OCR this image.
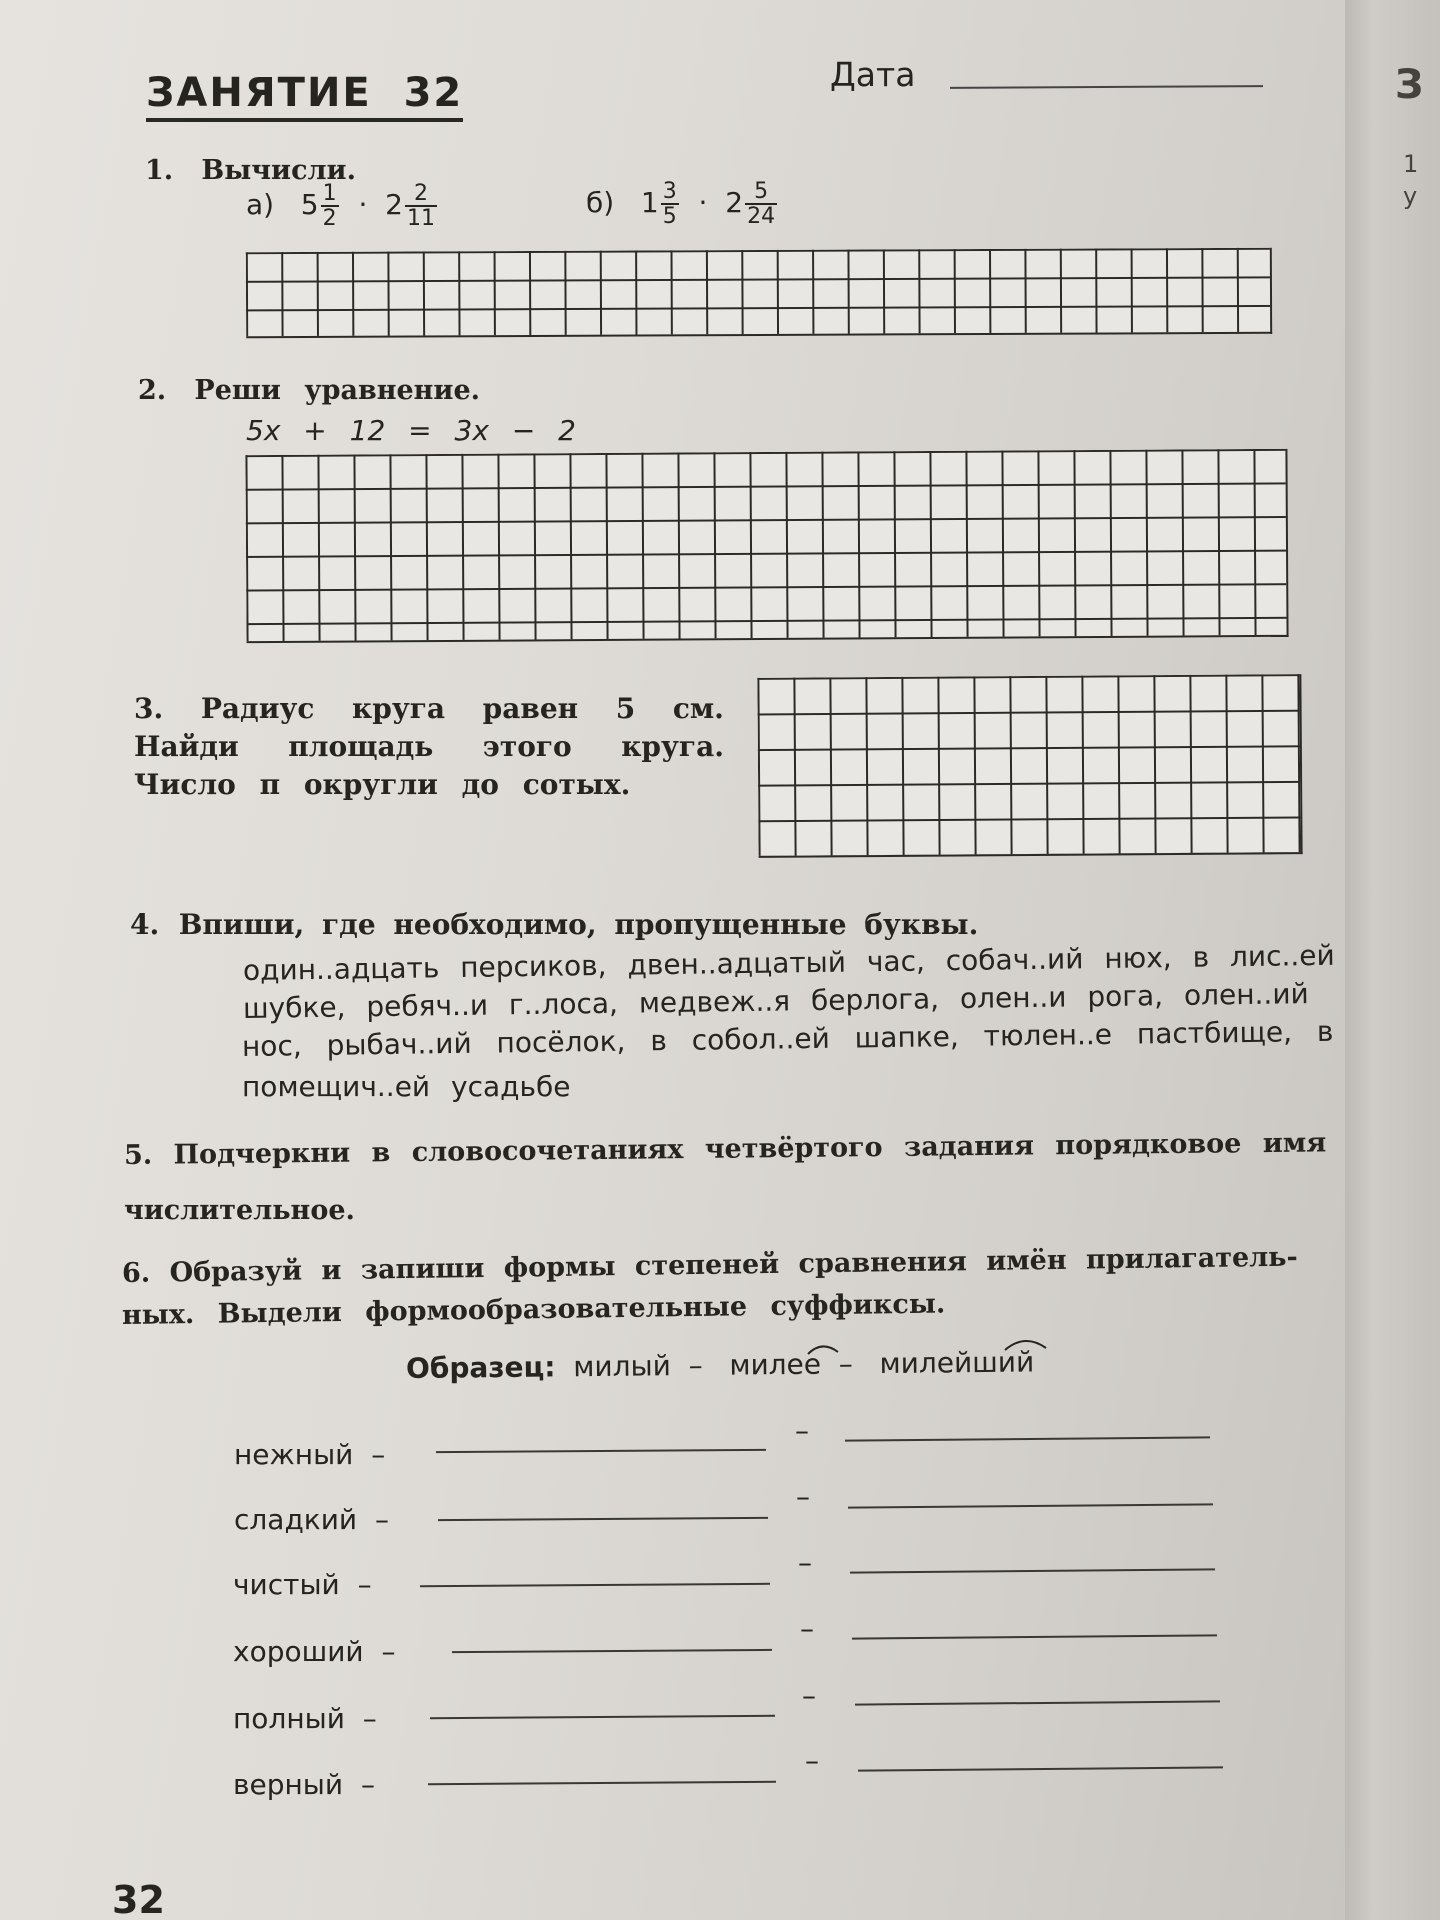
ЗАНЯТИЕ  32	Дата
1. Вычисли.
а) $5 \frac{1}{2} \cdot 2 \frac{2}{11}$	б) $1 \frac{3}{5} \cdot 2 \frac{5}{24}$
2. Реши уравнение.
5x + 12 = 3x − 2
3. Радиус круга равен 5 см.
Найди площадь этого круга.
Число π округли до сотых.
4. Впиши, где необходимо, пропущенные буквы.
один..адцать персиков, двен..адцатый час, собач..ий нюх, в лис..ей
шубке, ребяч..и г..лоса, медвеж..я берлога, олен..и рога, олен..ий
нос, рыбач..ий посёлок, в собол..ей шапке, тюлен..е пастбище, в
помещич..ей усадьбе
5. Подчеркни в словосочетаниях четвёртого задания порядковое имя
числительное.
6. Образуй и запиши формы степеней сравнения имён прилагатель-
ных. Выдели формообразовательные суффиксы.
Образец: милый – милее – милейший
нежный –
–
сладкий –
–
чистый –
–
хороший –
–
полный –
–
верный –
–
32
З
1
у
